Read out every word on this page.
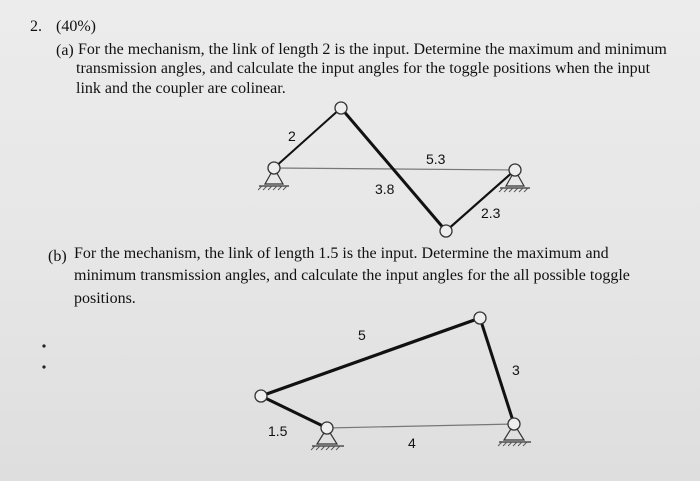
2. (40%)
(a) For the mechanism, the link of length 2 is the input. Determine the maximum and minimum
transmission angles, and calculate the input angles for the toggle positions when the input
link and the coupler are colinear.
(b) For the mechanism, the link of length 1.5 is the input. Determine the maximum and
minimum transmission angles, and calculate the input angles for the all possible toggle
positions.
2
5.3
3.8
2.3
5
3
1.5
4
